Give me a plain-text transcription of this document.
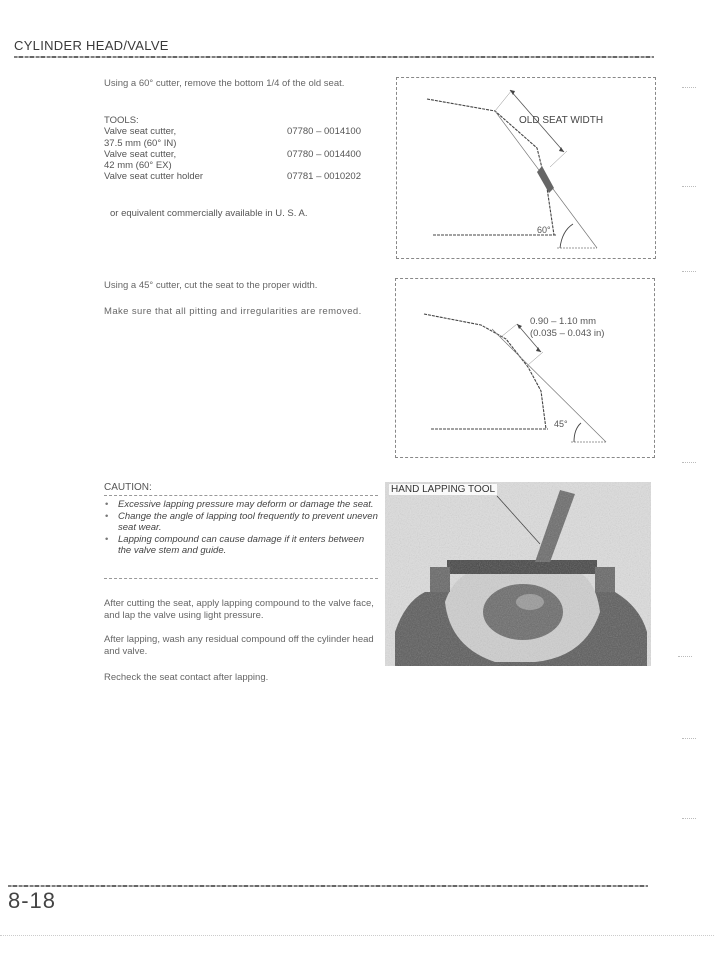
CYLINDER HEAD/VALVE
Using a 60° cutter, remove the bottom 1/4 of the old seat.
TOOLS:
Valve seat cutter,	07780 – 0014100
37.5 mm (60° IN)
Valve seat cutter,	07780 – 0014400
42 mm (60° EX)
Valve seat cutter holder	07781 – 0010202
or equivalent commercially available in U. S. A.
OLD SEAT WIDTH
60°
Using a 45° cutter, cut the seat to the proper width.
Make sure that all pitting and irregularities are removed.
0.90 – 1.10 mm
(0.035 – 0.043 in)
45°
CAUTION:
• Excessive lapping pressure may deform or damage the seat.
• Change the angle of lapping tool frequently to prevent uneven seat wear.
• Lapping compound can cause damage if it enters between the valve stem and guide.
After cutting the seat, apply lapping compound to the valve face, and lap the valve using light pressure.
After lapping, wash any residual compound off the cylinder head and valve.
Recheck the seat contact after lapping.
HAND LAPPING TOOL
8-18
